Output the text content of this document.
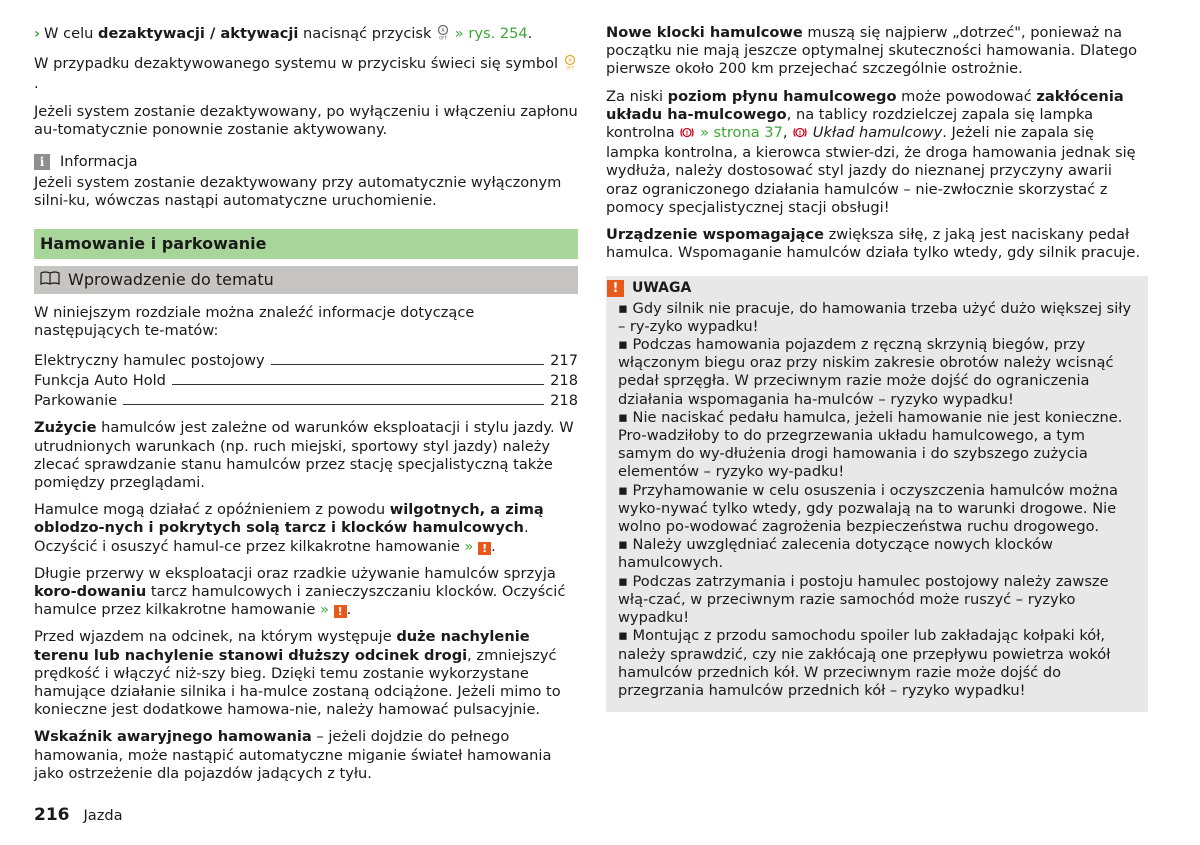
› W celu dezaktywacji / aktywacji nacisnąć przycisk A
OFF » rys. 254.

W przypadku dezaktywowanego systemu w przycisku świeci się symbol A
OFF
.

Jeżeli system zostanie dezaktywowany, po wyłączeniu i włączeniu zapłonu au-tomatycznie ponownie zostanie aktywowany.

i	Informacja

Jeżeli system zostanie dezaktywowany przy automatycznie wyłączonym silni-ku, wówczas nastąpi automatyczne uruchomienie.

Hamowanie i parkowanie
Wprowadzenie do tematu

W niniejszym rozdziale można znaleźć informacje dotyczące następujących te-matów:

Elektryczny hamulec postojowy	217
Funkcja Auto Hold	218
Parkowanie	218

Zużycie hamulców jest zależne od warunków eksploatacji i stylu jazdy. W utrudnionych warunkach (np. ruch miejski, sportowy styl jazdy) należy zlecać sprawdzanie stanu hamulców przez stację specjalistyczną także pomiędzy przeglądami.

Hamulce mogą działać z opóźnieniem z powodu wilgotnych, a zimą oblodzo-nych i pokrytych solą tarcz i klocków hamulcowych. Oczyścić i osuszyć hamul-ce przez kilkakrotne hamowanie » ! .

Długie przerwy w eksploatacji oraz rzadkie używanie hamulców sprzyja koro-dowaniu tarcz hamulcowych i zanieczyszczaniu klocków. Oczyścić hamulce przez kilkakrotne hamowanie » ! .

Przed wjazdem na odcinek, na którym występuje duże nachylenie terenu lub nachylenie stanowi dłuższy odcinek drogi, zmniejszyć prędkość i włączyć niż-szy bieg. Dzięki temu zostanie wykorzystane hamujące działanie silnika i ha-mulce zostaną odciążone. Jeżeli mimo to konieczne jest dodatkowe hamowa-nie, należy hamować pulsacyjnie.

Wskaźnik awaryjnego hamowania – jeżeli dojdzie do pełnego hamowania, może nastąpić automatyczne miganie świateł hamowania jako ostrzeżenie dla pojazdów jadących z tyłu.

Nowe klocki hamulcowe muszą się najpierw „dotrzeć", ponieważ na początku nie mają jeszcze optymalnej skuteczności hamowania. Dlatego pierwsze około 200 km przejechać szczególnie ostrożnie.

Za niski poziom płynu hamulcowego może powodować zakłócenia układu ha-mulcowego, na tablicy rozdzielczej zapala się lampka kontrolna ! » strona 37, ! Układ hamulcowy. Jeżeli nie zapala się lampka kontrolna, a kierowca stwier-dzi, że droga hamowania jednak się wydłuża, należy dostosować styl jazdy do nieznanej przyczyny awarii oraz ograniczonego działania hamulców – nie-zwłocznie skorzystać z pomocy specjalistycznej stacji obsługi!

Urządzenie wspomagające zwiększa siłę, z jaką jest naciskany pedał hamulca. Wspomaganie hamulców działa tylko wtedy, gdy silnik pracuje.

! UWAGA

▪ Gdy silnik nie pracuje, do hamowania trzeba użyć dużo większej siły – ry-zyko wypadku!

▪ Podczas hamowania pojazdem z ręczną skrzynią biegów, przy włączonym biegu oraz przy niskim zakresie obrotów należy wcisnąć pedał sprzęgła. W przeciwnym razie może dojść do ograniczenia działania wspomagania ha-mulców – ryzyko wypadku!

▪ Nie naciskać pedału hamulca, jeżeli hamowanie nie jest konieczne. Pro-wadziłoby to do przegrzewania układu hamulcowego, a tym samym do wy-dłużenia drogi hamowania i do szybszego zużycia elementów – ryzyko wy-padku!

▪ Przyhamowanie w celu osuszenia i oczyszczenia hamulców można wyko-nywać tylko wtedy, gdy pozwalają na to warunki drogowe. Nie wolno po-wodować zagrożenia bezpieczeństwa ruchu drogowego.

▪ Należy uwzględniać zalecenia dotyczące nowych klocków hamulcowych.

▪ Podczas zatrzymania i postoju hamulec postojowy należy zawsze włą-czać, w przeciwnym razie samochód może ruszyć – ryzyko wypadku!

▪ Montując z przodu samochodu spoiler lub zakładając kołpaki kół, należy sprawdzić, czy nie zakłócają one przepływu powietrza wokół hamulców przednich kół. W przeciwnym razie może dojść do przegrzania hamulców przednich kół – ryzyko wypadku!

216 Jazda
